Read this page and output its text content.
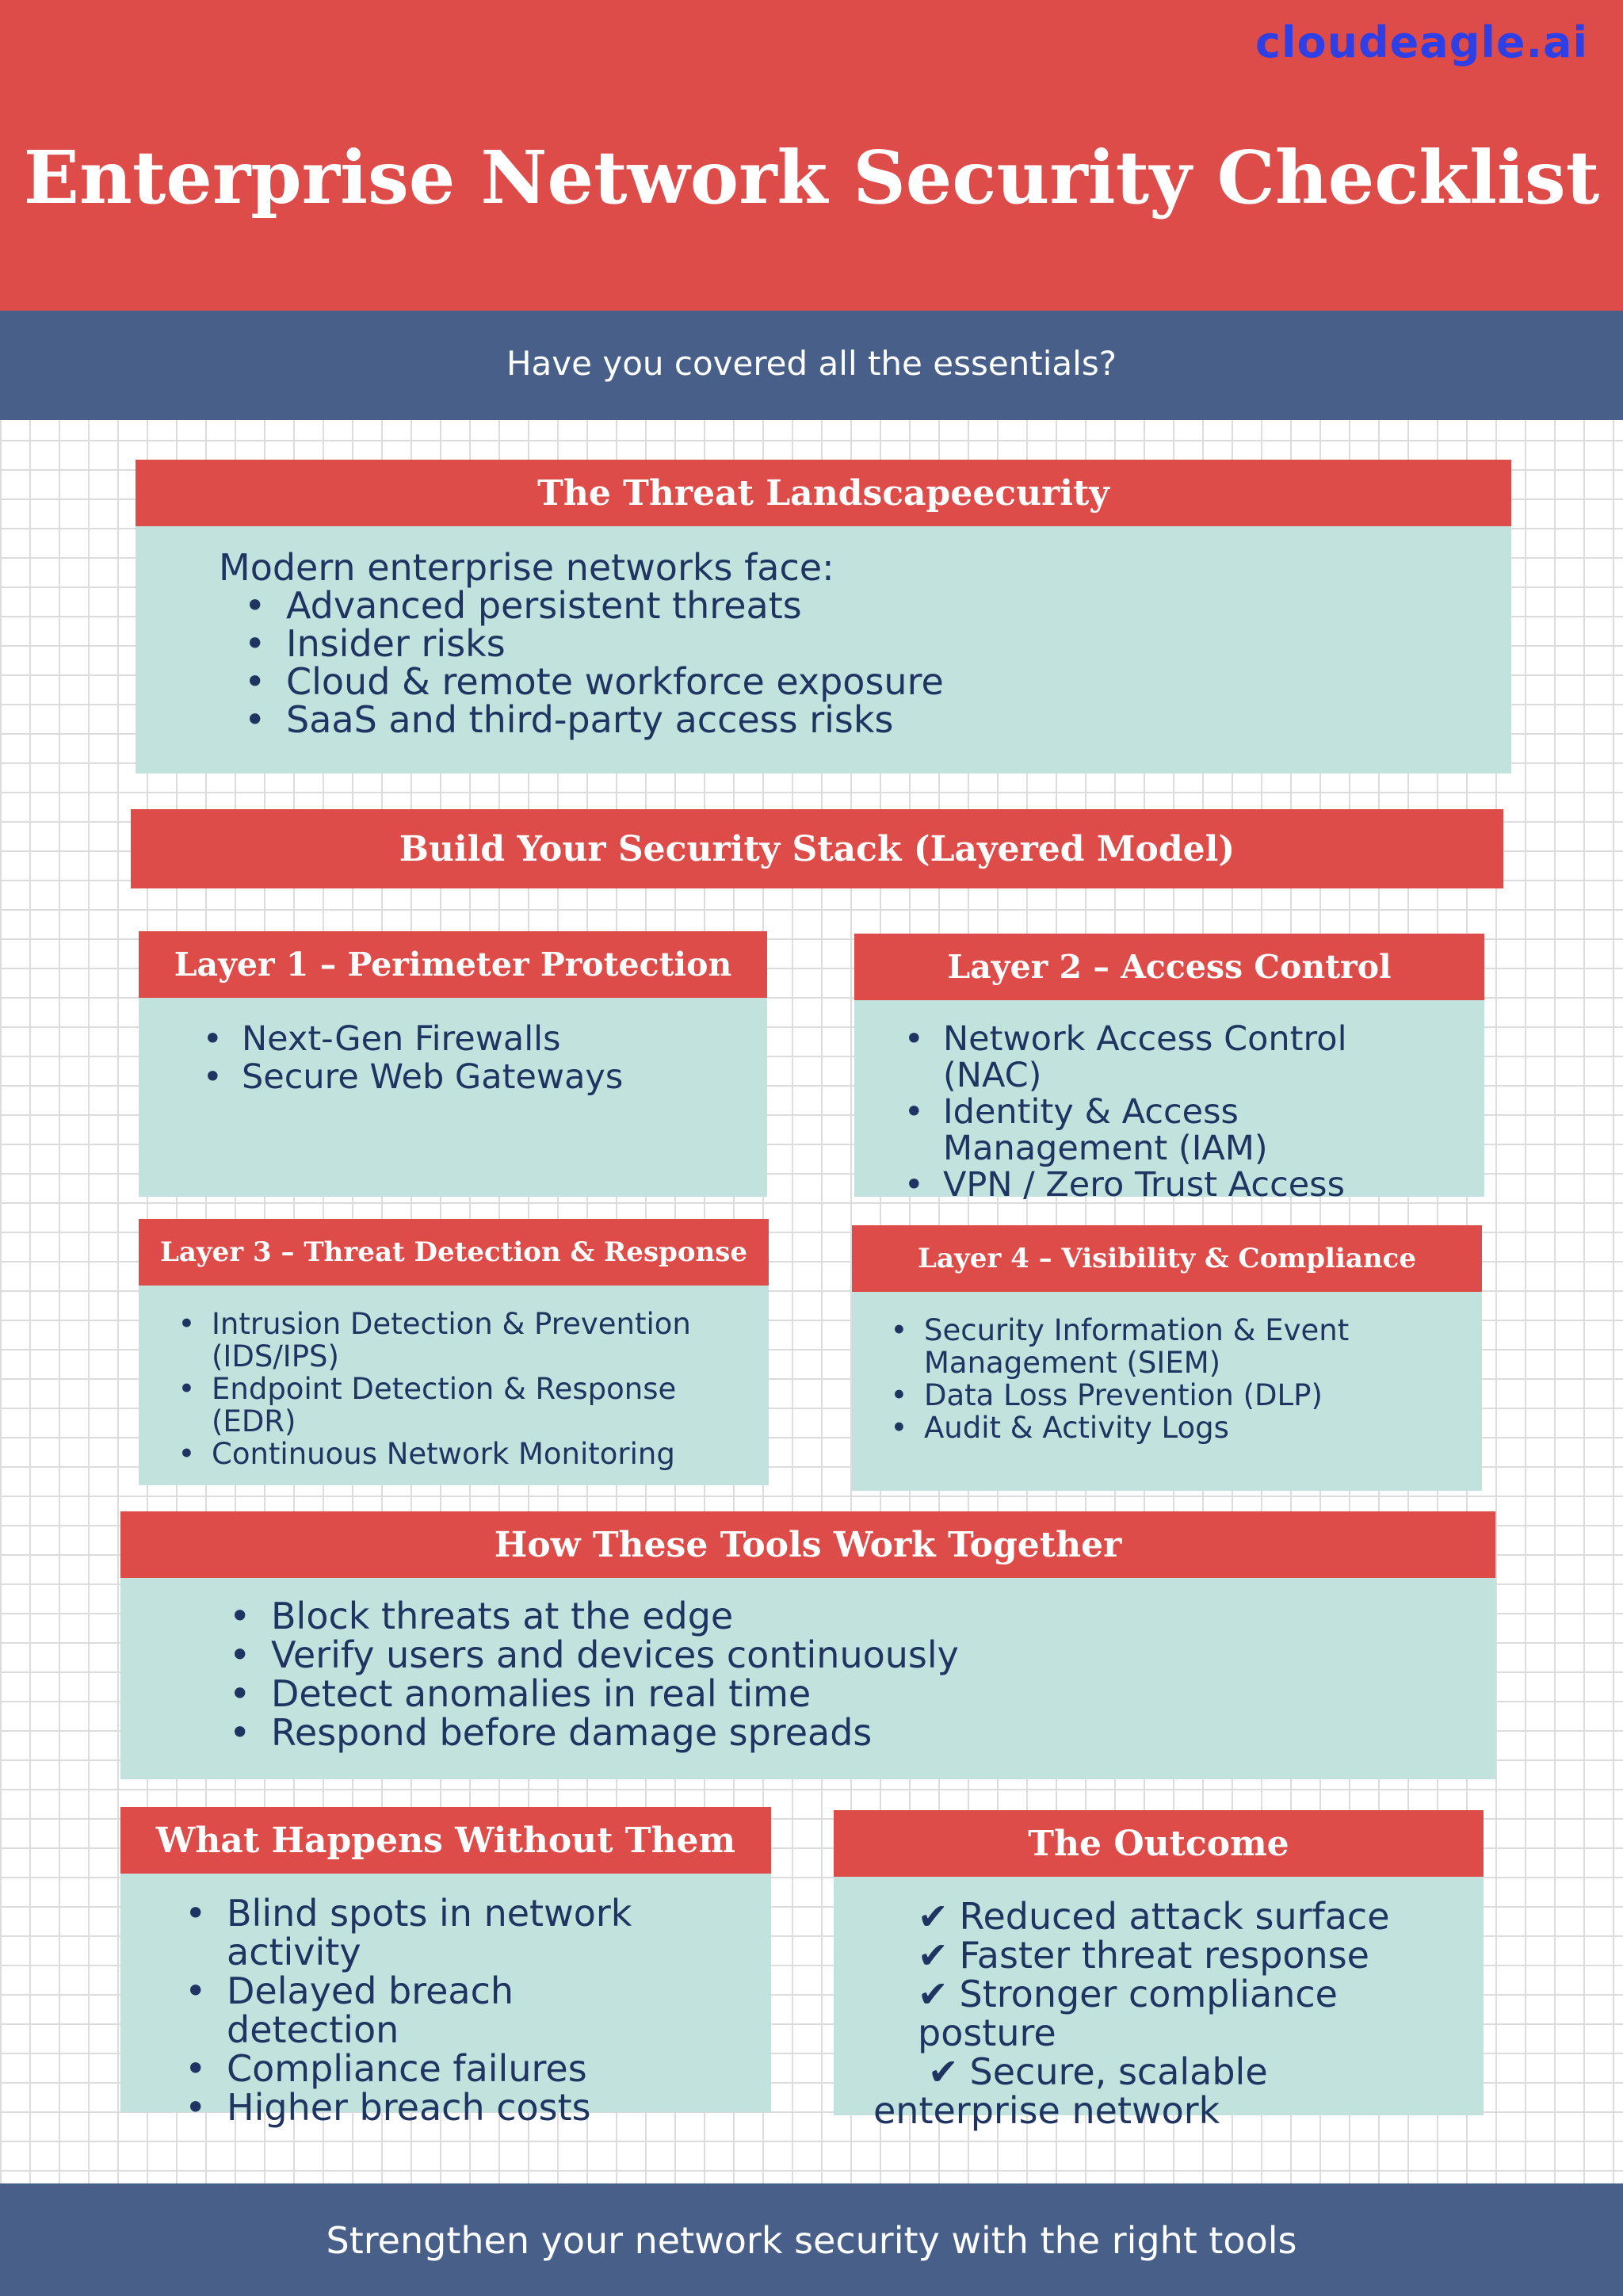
cloudeagle.ai
Enterprise Network Security Checklist
Have you covered all the essentials?
The Threat Landscapeecurity
Modern enterprise networks face:
• Advanced persistent threats
• Insider risks
• Cloud & remote workforce exposure
• SaaS and third-party access risks
Build Your Security Stack (Layered Model)
Layer 1 – Perimeter Protection
• Next-Gen Firewalls
• Secure Web Gateways
Layer 2 – Access Control
• Network Access Control (NAC)
• Identity & Access Management (IAM)
• VPN / Zero Trust Access
Layer 3 – Threat Detection & Response
• Intrusion Detection & Prevention (IDS/IPS)
• Endpoint Detection & Response (EDR)
• Continuous Network Monitoring
Layer 4 – Visibility & Compliance
• Security Information & Event Management (SIEM)
• Data Loss Prevention (DLP)
• Audit & Activity Logs
How These Tools Work Together
• Block threats at the edge
• Verify users and devices continuously
• Detect anomalies in real time
• Respond before damage spreads
What Happens Without Them
• Blind spots in network activity
• Delayed breach detection
• Compliance failures
• Higher breach costs
The Outcome
✔ Reduced attack surface
✔ Faster threat response
✔ Stronger compliance posture
✔ Secure, scalable enterprise network
Strengthen your network security with the right tools
